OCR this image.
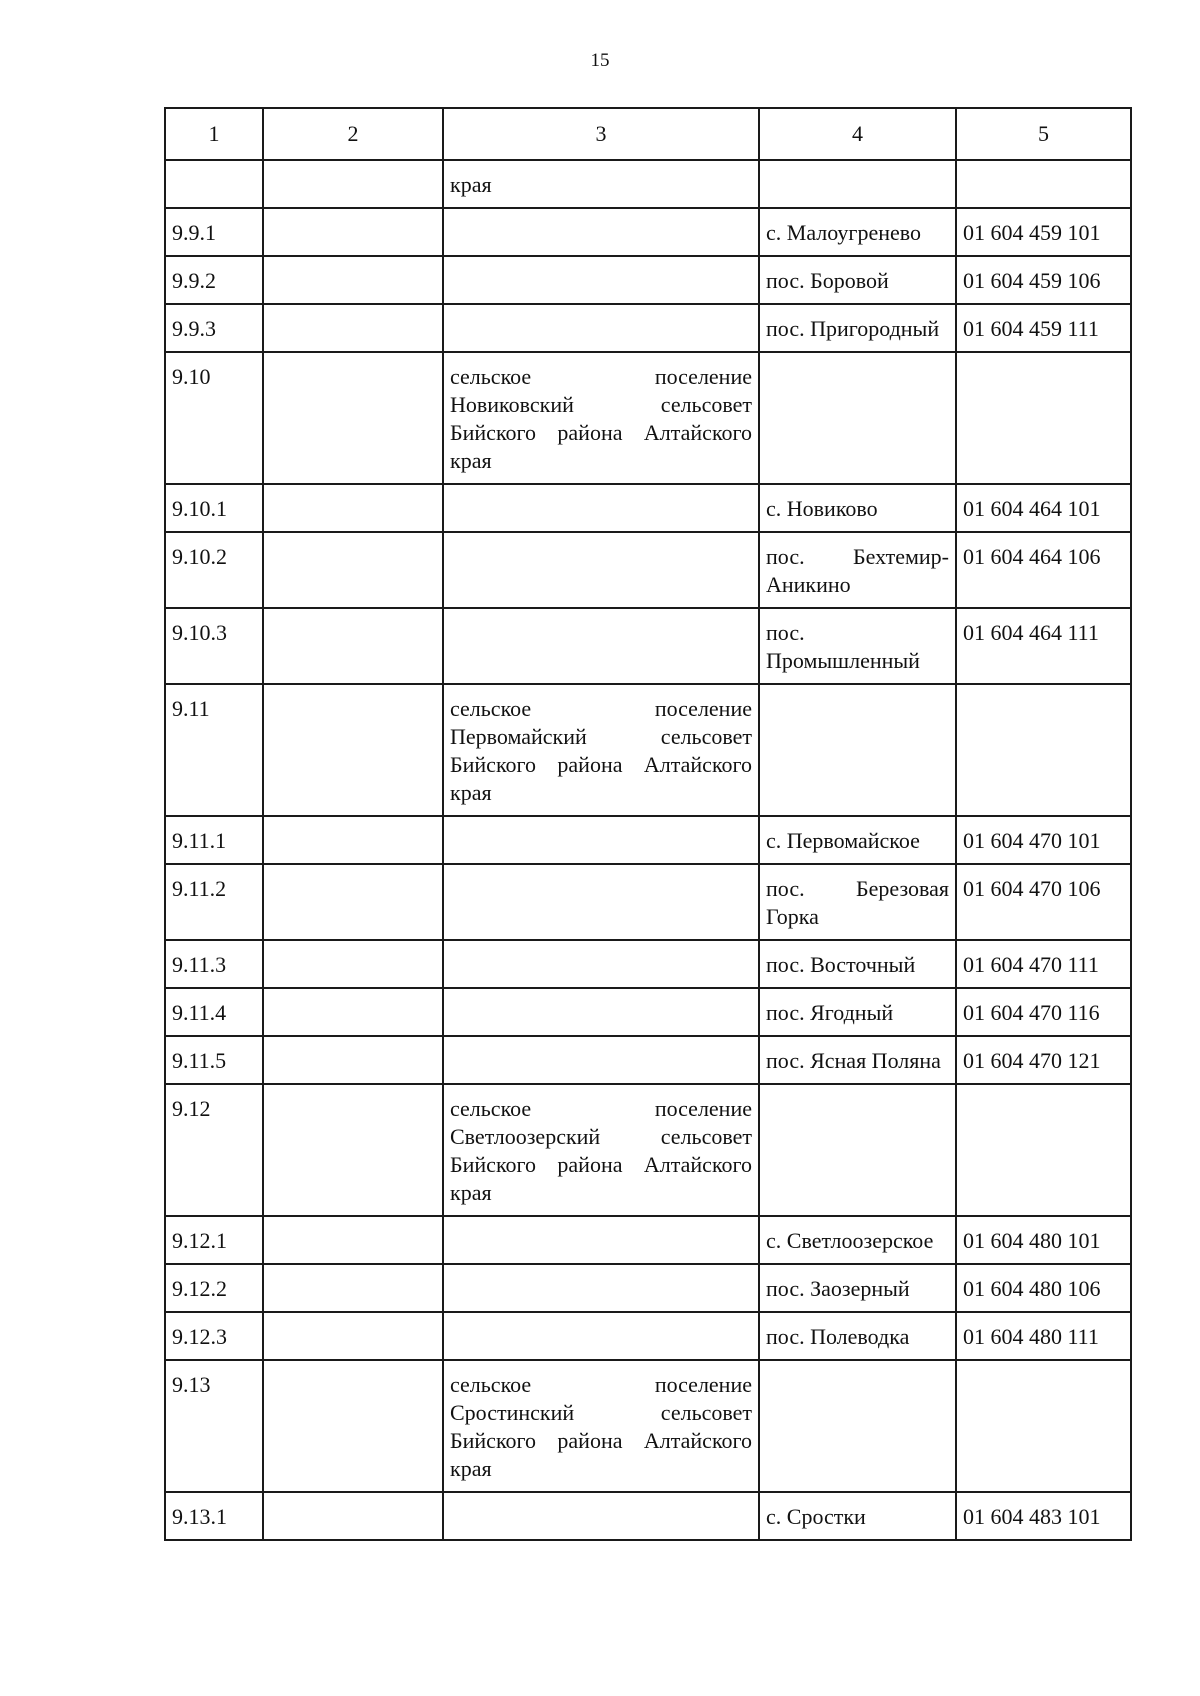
15
1	2	3	4	5
		края		
9.9.1			с. Малоугренево	01 604 459 101
9.9.2			пос. Боровой	01 604 459 106
9.9.3			пос. Пригородный	01 604 459 111
9.10		сельское поселение Новиковский сельсовет Бийского района Алтайского края		
9.10.1			с. Новиково	01 604 464 101
9.10.2			пос. Бехтемир-Аникино	01 604 464 106
9.10.3			пос. Промышленный	01 604 464 111
9.11		сельское поселение Первомайский сельсовет Бийского района Алтайского края		
9.11.1			с. Первомайское	01 604 470 101
9.11.2			пос. Березовая Горка	01 604 470 106
9.11.3			пос. Восточный	01 604 470 111
9.11.4			пос. Ягодный	01 604 470 116
9.11.5			пос. Ясная Поляна	01 604 470 121
9.12		сельское поселение Светлоозерский сельсовет Бийского района Алтайского края		
9.12.1			с. Светлоозерское	01 604 480 101
9.12.2			пос. Заозерный	01 604 480 106
9.12.3			пос. Полеводка	01 604 480 111
9.13		сельское поселение Сростинский сельсовет Бийского района Алтайского края		
9.13.1			с. Сростки	01 604 483 101
